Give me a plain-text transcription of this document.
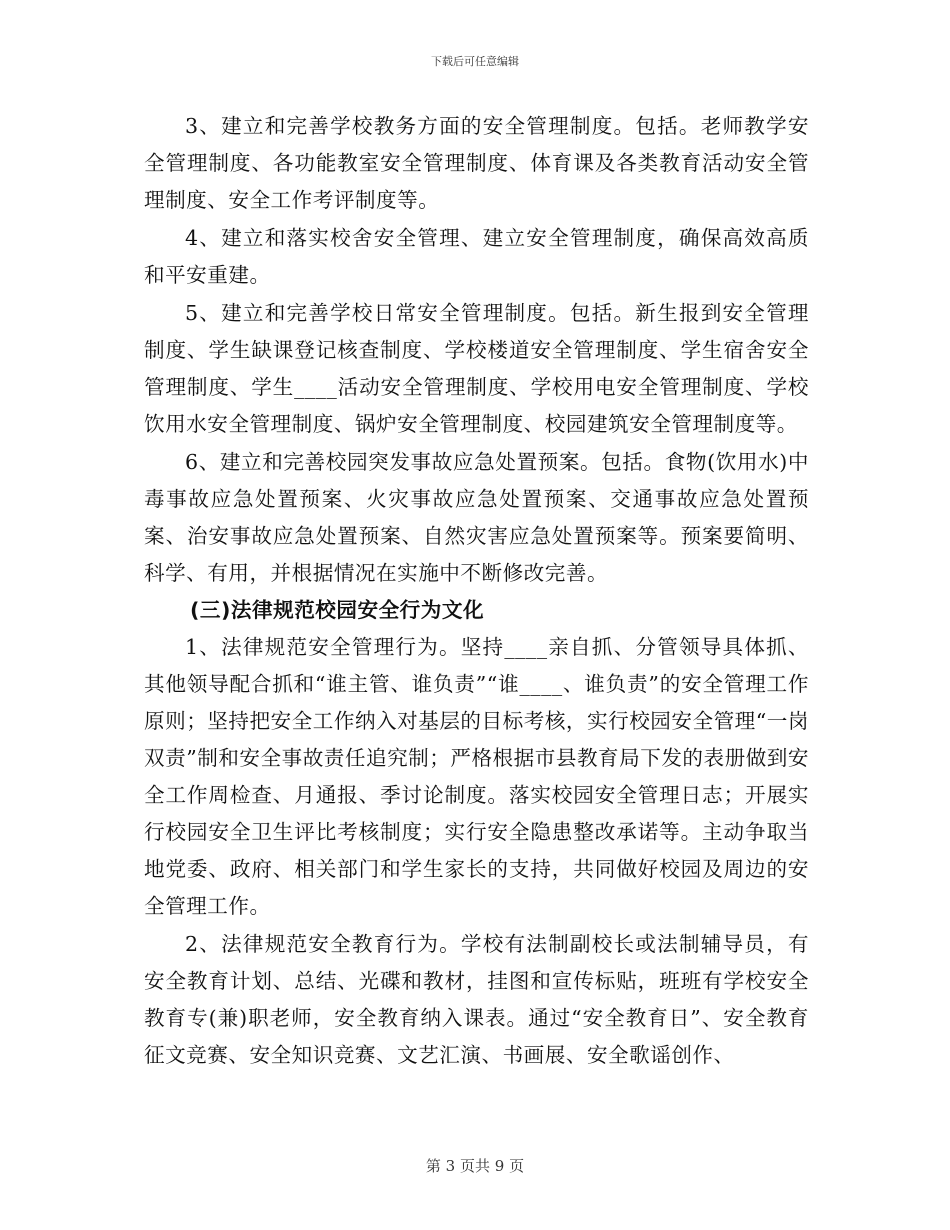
下载后可任意编辑

3、建立和完善学校教务方面的安全管理制度。包括。老师教学安全管理制度、各功能教室安全管理制度、体育课及各类教育活动安全管理制度、安全工作考评制度等。

4、建立和落实校舍安全管理、建立安全管理制度，确保高效高质和平安重建。

5、建立和完善学校日常安全管理制度。包括。新生报到安全管理制度、学生缺课登记核查制度、学校楼道安全管理制度、学生宿舍安全管理制度、学生____活动安全管理制度、学校用电安全管理制度、学校饮用水安全管理制度、锅炉安全管理制度、校园建筑安全管理制度等。

6、建立和完善校园突发事故应急处置预案。包括。食物(饮用水)中毒事故应急处置预案、火灾事故应急处置预案、交通事故应急处置预案、治安事故应急处置预案、自然灾害应急处置预案等。预案要简明、科学、有用，并根据情况在实施中不断修改完善。

(三)法律规范校园安全行为文化

1、法律规范安全管理行为。坚持____亲自抓、分管领导具体抓、其他领导配合抓和“谁主管、谁负责”“谁____、谁负责”的安全管理工作原则；坚持把安全工作纳入对基层的目标考核，实行校园安全管理“一岗双责”制和安全事故责任追究制；严格根据市县教育局下发的表册做到安全工作周检查、月通报、季讨论制度。落实校园安全管理日志；开展实行校园安全卫生评比考核制度；实行安全隐患整改承诺等。主动争取当地党委、政府、相关部门和学生家长的支持，共同做好校园及周边的安全管理工作。

2、法律规范安全教育行为。学校有法制副校长或法制辅导员，有安全教育计划、总结、光碟和教材，挂图和宣传标贴，班班有学校安全教育专(兼)职老师，安全教育纳入课表。通过“安全教育日”、安全教育征文竞赛、安全知识竞赛、文艺汇演、书画展、安全歌谣创作、

第 3 页共 9 页
